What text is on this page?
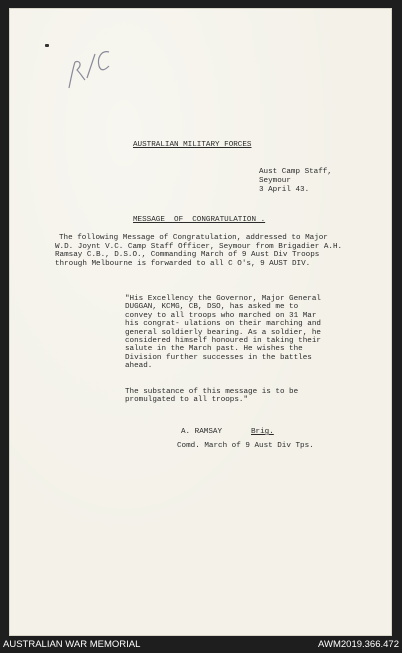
AUSTRALIAN MILITARY FORCES
Aust Camp Staff,
Seymour
3 April 43.
MESSAGE  OF  CONGRATULATION .
The following Message of Congratulation, addressed to Major W.D. Joynt V.C. Camp Staff Officer, Seymour from Brigadier A.H. Ramsay C.B., D.S.O., Commanding March of 9 Aust Div Troops through Melbourne is forwarded to all C O's, 9 AUST DIV.
"His Excellency the Governor, Major General DUGGAN, KCMG, CB, DSO, has asked me to convey to all troops who marched on 31 Mar his congrat- ulations on their marching and general soldierly bearing. As a soldier, he considered himself honoured in taking their salute in the March past. He wishes the Division further successes in the battles ahead.
The substance of this message is to be promulgated to all troops."
A. RAMSAY	Brig.
Comd. March of 9 Aust Div Tps.
AUSTRALIAN WAR MEMORIAL	AWM2019.366.472
